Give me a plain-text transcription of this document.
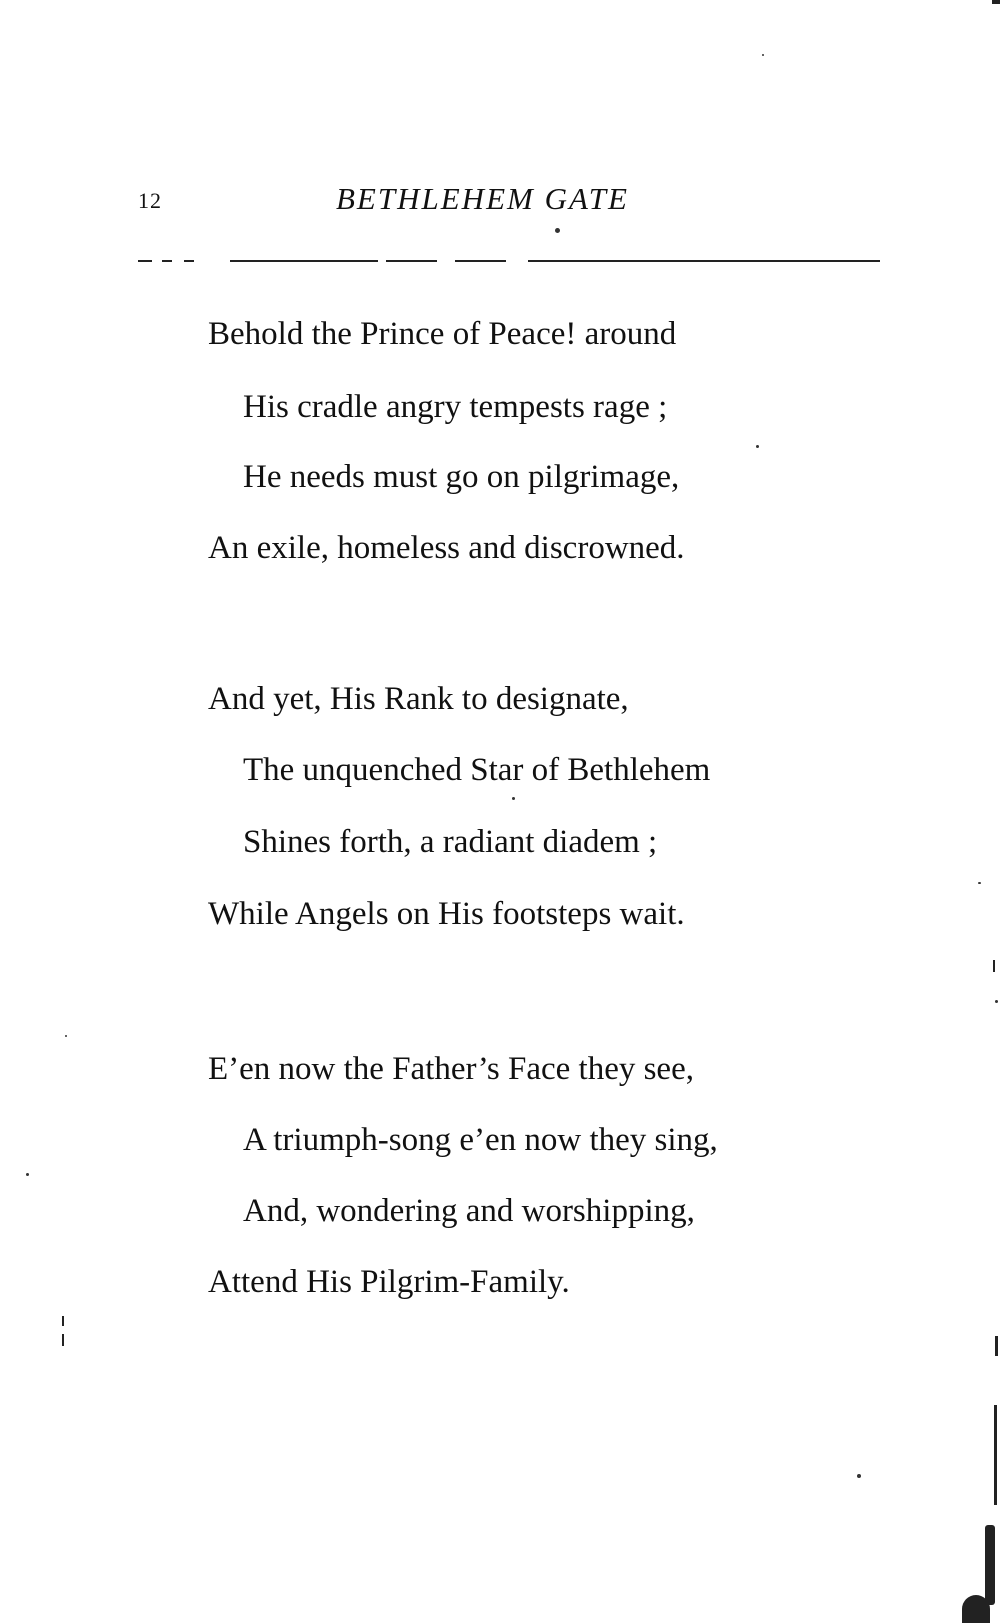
12	BETHLEHEM GATE
Behold the Prince of Peace! around
His cradle angry tempests rage ;
He needs must go on pilgrimage,
An exile, homeless and discrowned.
And yet, His Rank to designate,
The unquenched Star of Bethlehem
Shines forth, a radiant diadem ;
While Angels on His footsteps wait.
E’en now the Father’s Face they see,
A triumph-song e’en now they sing,
And, wondering and worshipping,
Attend His Pilgrim-Family.
